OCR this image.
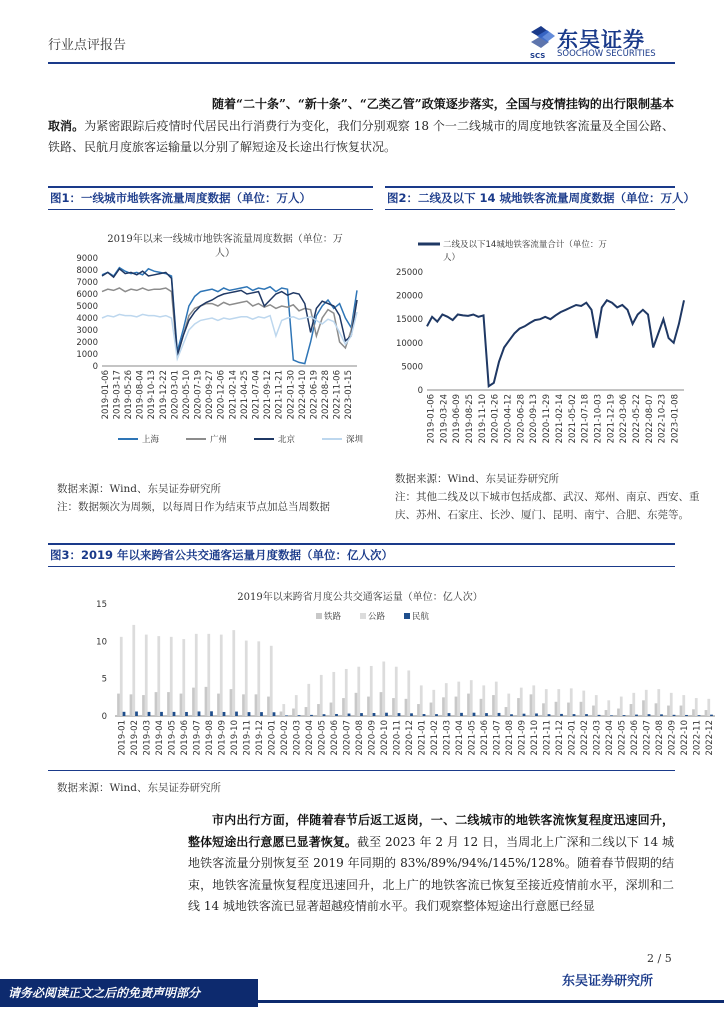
行业点评报告
SCS
东吴证券
SOOCHOW SECURITIES
随着“二十条”、“新十条”、“乙类乙管”政策逐步落实，全国与疫情挂钩的出行限制基本取消。为紧密跟踪后疫情时代居民出行消费行为变化，我们分别观察 18 个一二线城市的周度地铁客流量及全国公路、铁路、民航月度旅客运输量以分别了解短途及长途出行恢复状况。
图1：一线城市地铁客流量周度数据（单位：万人）	图2：二线及以下 14 城地铁客流量周度数据（单位：万人）
2019年以来一线城市地铁客流量周度数据（单位：万人）
0
1000
2000
3000
4000
5000
6000
7000
8000
9000
2019-01-06 2019-03-17 2019-05-26 2019-08-04 2019-10-13 2019-12-22 2020-03-01 2020-05-10 2020-07-19 2020-09-27 2020-12-06 2021-02-14 2021-04-25 2021-07-04 2021-09-12 2021-11-21 2022-01-30 2022-04-10 2022-06-19 2022-08-28 2022-11-06 2023-01-15
上海	广州	北京	深圳
0
5000
10000
15000
20000
25000
2019-01-06 2019-03-24 2019-06-09 2019-08-25 2019-11-10 2020-01-26 2020-04-12 2020-06-28 2020-09-13 2020-11-29 2021-02-14 2021-05-02 2021-07-18 2021-10-03 2021-12-19 2022-03-06 2022-05-22 2022-08-07 2022-10-23 2023-01-08
二线及以下14城地铁客流量合计（单位：万
人）
数据来源：Wind、东吴证券研究所
注：数据频次为周频，以每周日作为结束节点加总当周数据
数据来源：Wind、东吴证券研究所
注：其他二线及以下城市包括成都、武汉、郑州、南京、西安、重庆、苏州、石家庄、长沙、厦门、昆明、南宁、合肥、东莞等。
图3：2019 年以来跨省公共交通客运量月度数据（单位：亿人次）
2019年以来跨省月度公共交通客运量（单位：亿人次）
0
5
10
15
2019-01 2019-02 2019-03 2019-04 2019-05 2019-06 2019-07 2019-08 2019-09 2019-10 2019-11 2019-12 2020-01 2020-02 2020-03 2020-04 2020-05 2020-06 2020-07 2020-08 2020-09 2020-10 2020-11 2020-12 2021-01 2021-02 2021-03 2021-04 2021-05 2021-06 2021-07 2021-08 2021-09 2021-10 2021-11 2021-12 2022-01 2022-02 2022-03 2022-04 2022-05 2022-06 2022-07 2022-08 2022-09 2022-10 2022-11 2022-12
铁路	公路	民航
数据来源：Wind、东吴证券研究所
市内出行方面，伴随着春节后返工返岗，一、二线城市的地铁客流恢复程度迅速回升，整体短途出行意愿已显著恢复。截至 2023 年 2 月 12 日，当周北上广深和二线以下 14 城地铁客流量分别恢复至 2019 年同期的 83%/89%/94%/145%/128%。随着春节假期的结束，地铁客流量恢复程度迅速回升，北上广的地铁客流已恢复至接近疫情前水平，深圳和二线 14 城地铁客流已显著超越疫情前水平。我们观察整体短途出行意愿已经显
2 / 5
东吴证券研究所
请务必阅读正文之后的免责声明部分
